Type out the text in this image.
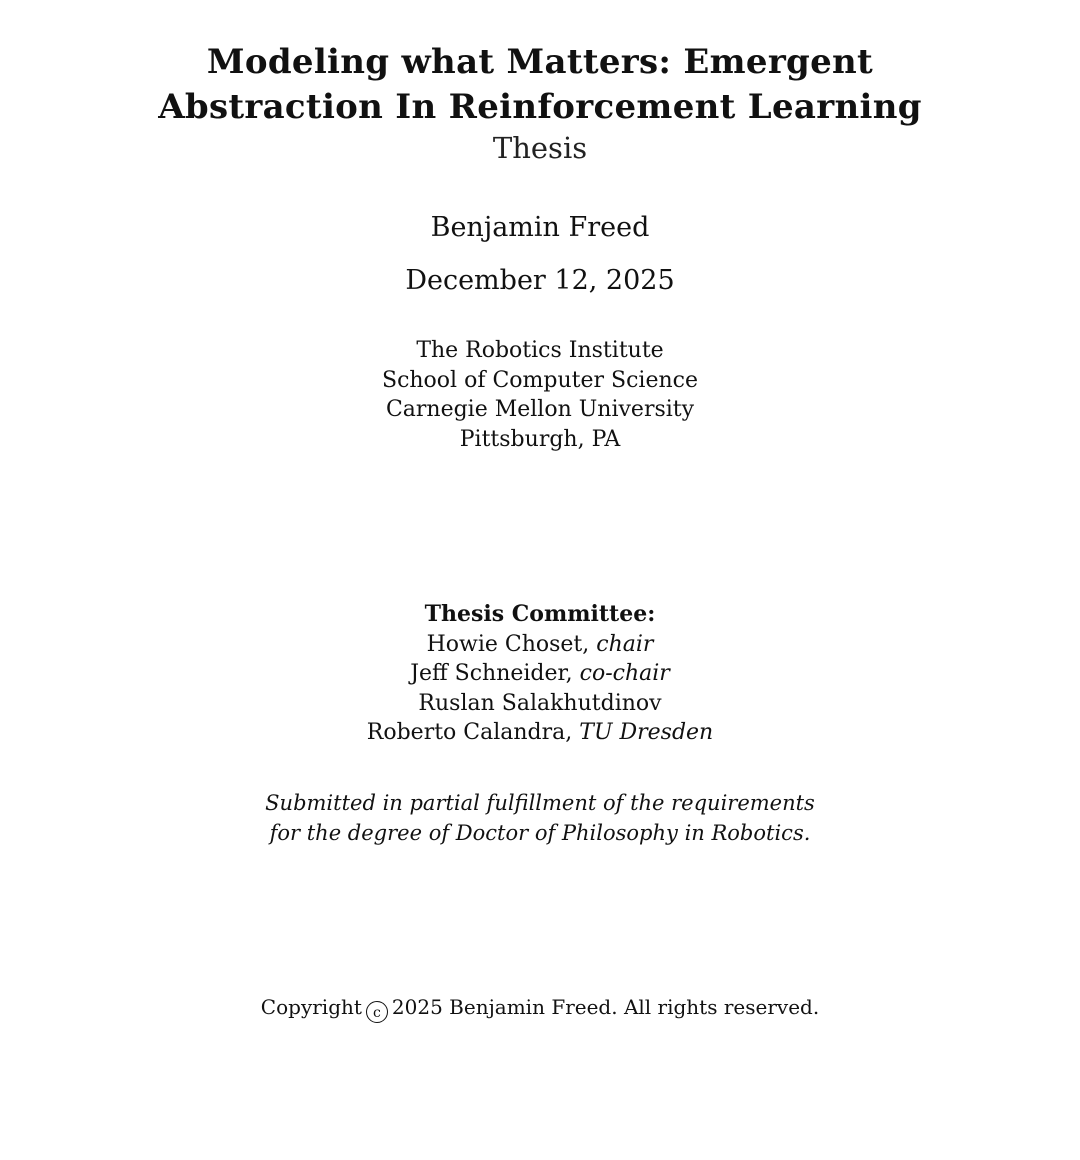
Modeling what Matters: Emergent
Abstraction In Reinforcement Learning
Thesis
Benjamin Freed
December 12, 2025
The Robotics Institute
School of Computer Science
Carnegie Mellon University
Pittsburgh, PA
Thesis Committee:
Howie Choset, chair
Jeff Schneider, co-chair
Ruslan Salakhutdinov
Roberto Calandra, TU Dresden
Submitted in partial fulfillment of the requirements
for the degree of Doctor of Philosophy in Robotics.
Copyright c 2025 Benjamin Freed. All rights reserved.
